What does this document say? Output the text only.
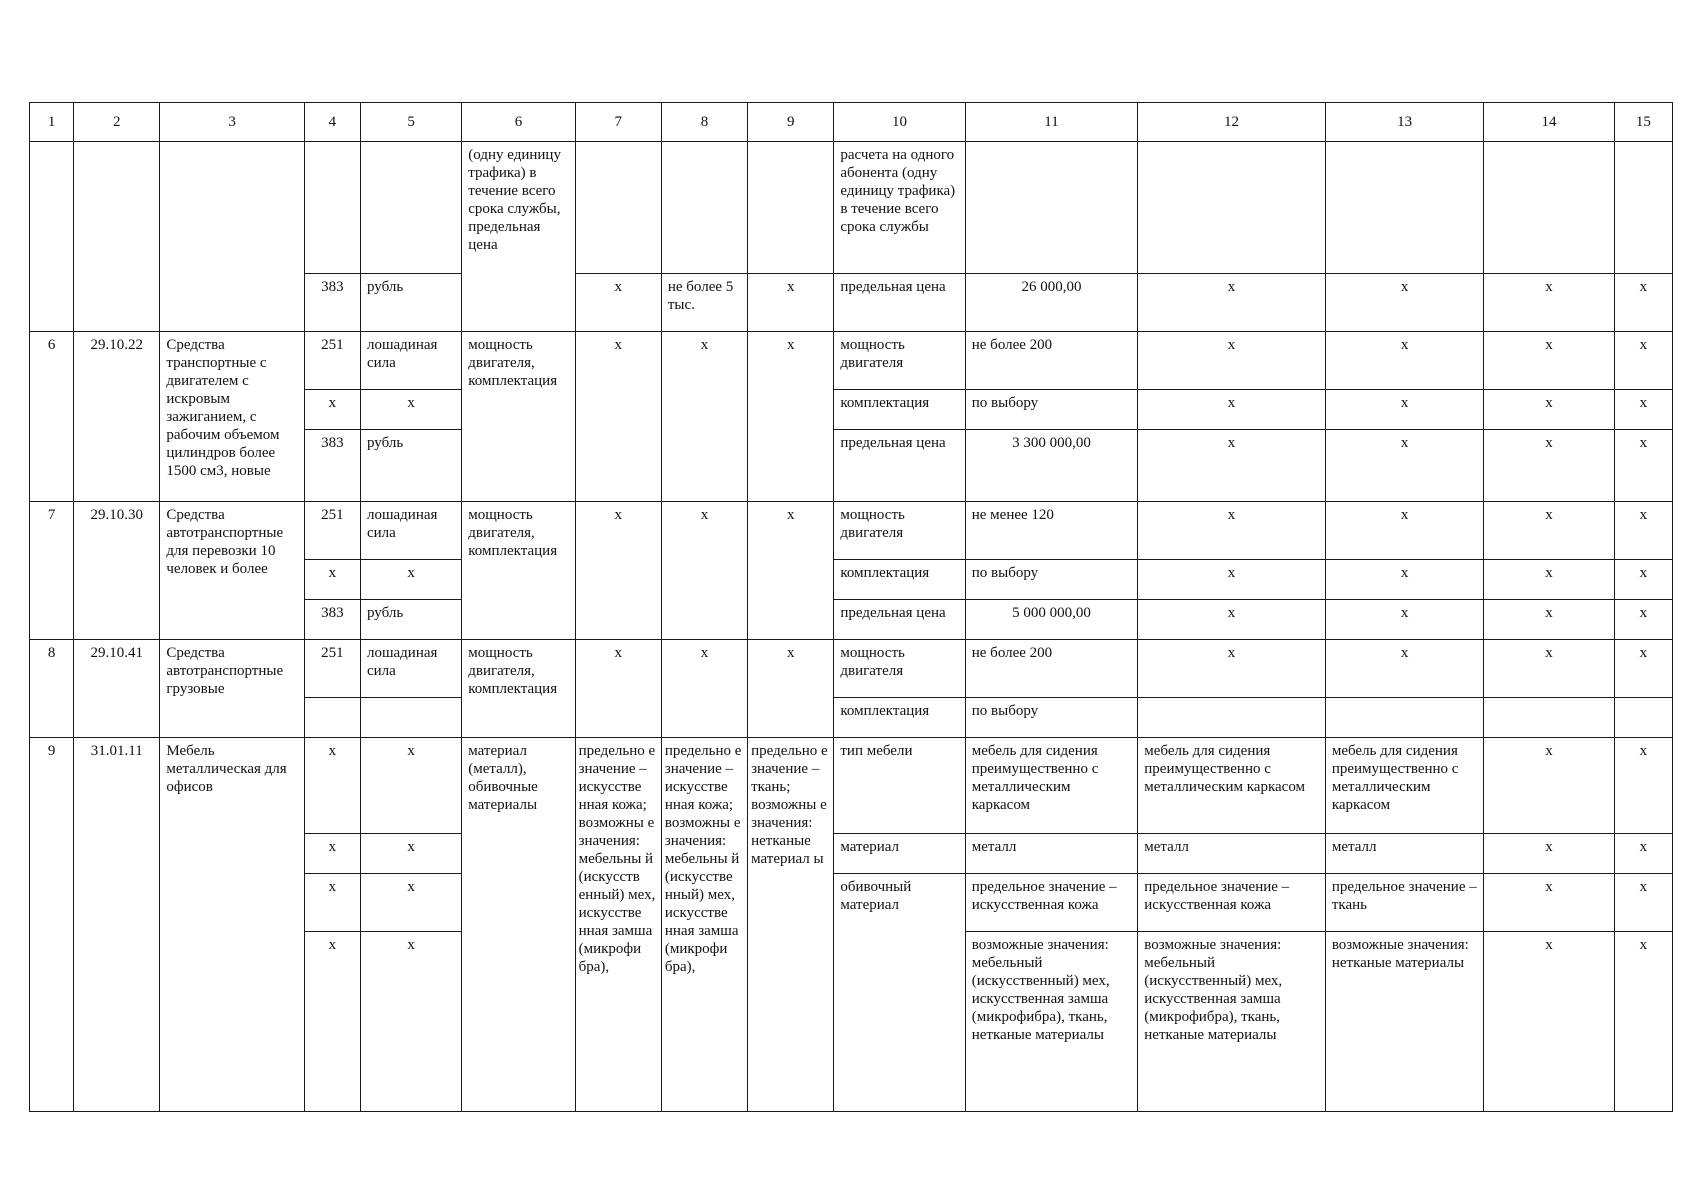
1	2	3	4	5	6	7	8	9	10	11	12	13	14	15
					(одну единицу трафика) в течение всего срока службы, предельная цена				расчета на одного абонента (одну единицу трафика) в течение всего срока службы					
			383	рубль		х	не более 5 тыс.	х	предельная цена	26 000,00	х	х	х	х
6	29.10.22	Средства транспортные с двигателем с искровым зажиганием, с рабочим объемом цилиндров более 1500 см3, новые	251	лошадиная сила	мощность двигателя, комплектация	х	х	х	мощность двигателя	не более 200	х	х	х	х
			х	х					комплектация	по выбору	х	х	х	х
			383	рубль					предельная цена	3 300 000,00	х	х	х	х
7	29.10.30	Средства автотранспортные для перевозки 10 человек и более	251	лошадиная сила	мощность двигателя, комплектация	х	х	х	мощность двигателя	не менее 120	х	х	х	х
			х	х					комплектация	по выбору	х	х	х	х
			383	рубль					предельная цена	5 000 000,00	х	х	х	х
8	29.10.41	Средства автотранспортные грузовые	251	лошадиная сила	мощность двигателя, комплектация	х	х	х	мощность двигателя	не более 200	х	х	х	х
									комплектация	по выбору				
9	31.01.11	Мебель металлическая для офисов	х	х	материал (металл), обивочные материалы	предельно е значение – искусстве нная кожа; возможны е значения: мебельны й (искусств енный) мех, искусстве нная замша (микрофи бра),	предельно е значение – искусстве нная кожа; возможны е значения: мебельны й (искусстве нный) мех, искусстве нная замша (микрофи бра),	предельно е значение – ткань; возможны е значения: нетканые материал ы	тип мебели	мебель для сидения преимущественно с металлическим каркасом	мебель для сидения преимущественно с металлическим каркасом	мебель для сидения преимущественно с металлическим каркасом	х	х
			х	х					материал	металл	металл	металл	х	х
			х	х					обивочный материал	предельное значение – искусственная кожа	предельное значение – искусственная кожа	предельное значение – ткань	х	х
			х	х						возможные значения: мебельный (искусственный) мех, искусственная замша (микрофибра), ткань, нетканые материалы	возможные значения: мебельный (искусственный) мех, искусственная замша (микрофибра), ткань, нетканые материалы	возможные значения: нетканые материалы	х	х
